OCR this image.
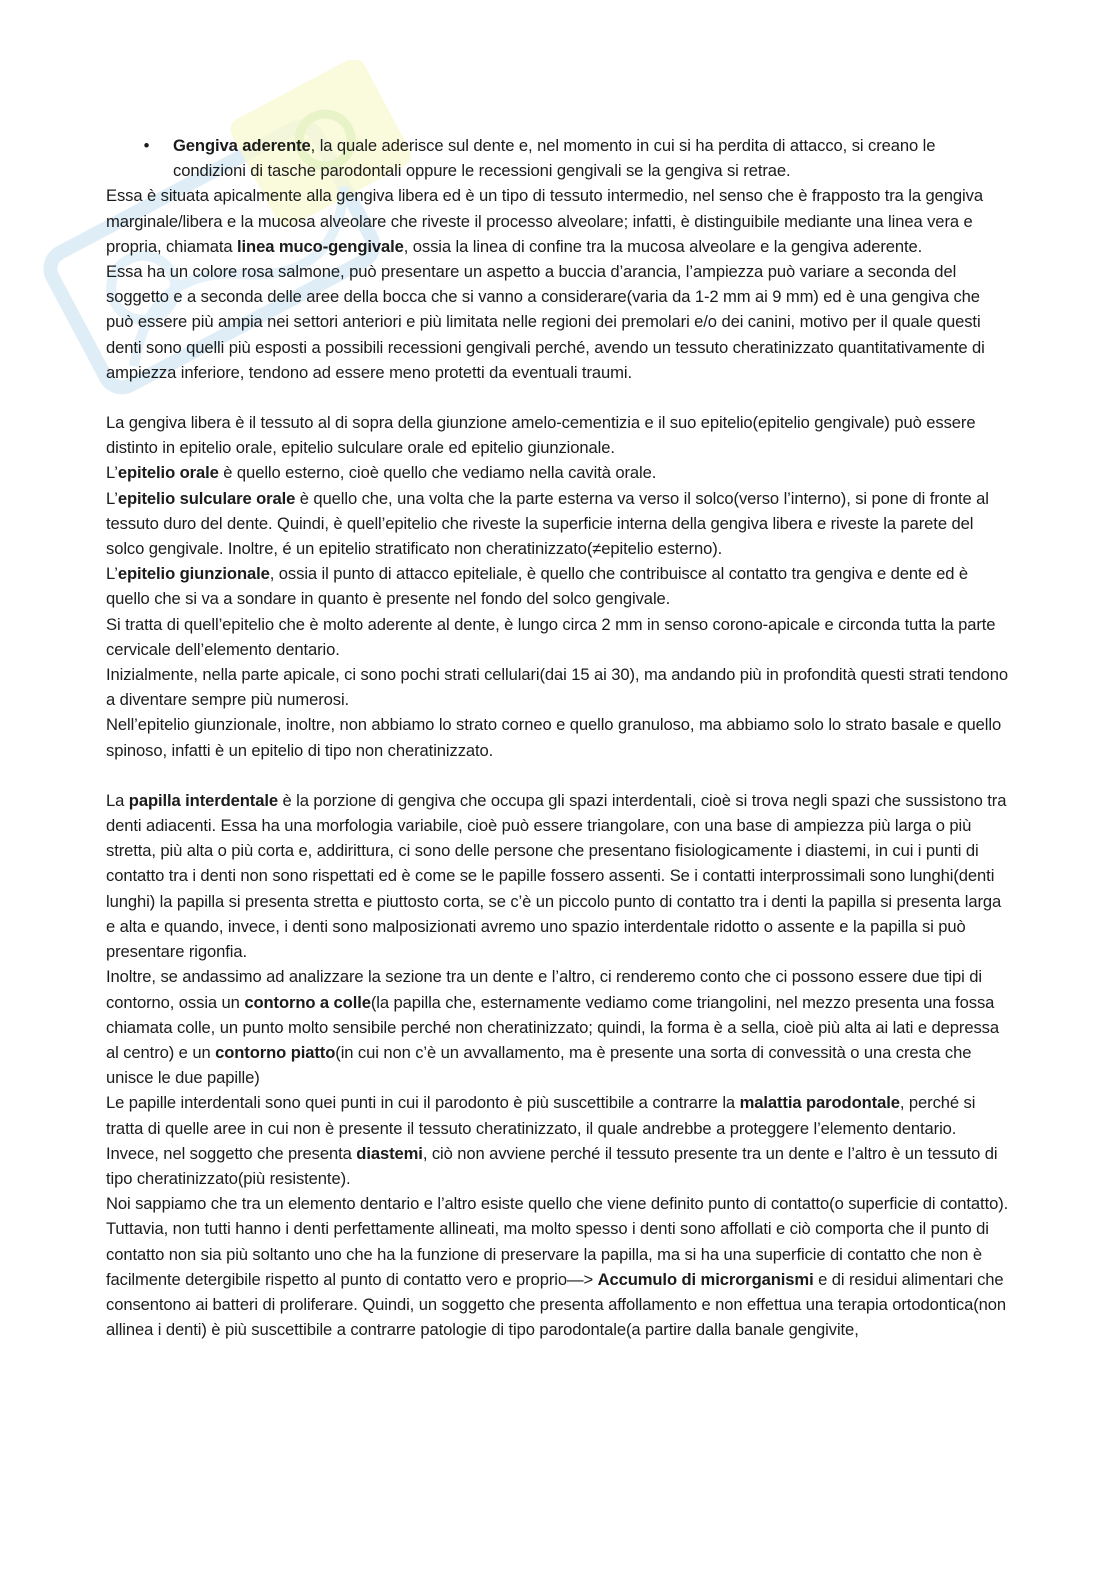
•	Gengiva aderente, la quale aderisce sul dente e, nel momento in cui si ha perdita di attacco, si creano le condizioni di tasche parodontali oppure le recessioni gengivali se la gengiva si retrae.

Essa è situata apicalmente alla gengiva libera ed è un tipo di tessuto intermedio, nel senso che è frapposto tra la gengiva marginale/libera e la mucosa alveolare che riveste il processo alveolare; infatti, è distinguibile mediante una linea vera e propria, chiamata linea muco-gengivale, ossia la linea di confine tra la mucosa alveolare e la gengiva aderente.

Essa ha un colore rosa salmone, può presentare un aspetto a buccia d’arancia, l’ampiezza può variare a seconda del soggetto e a seconda delle aree della bocca che si vanno a considerare(varia da 1-2 mm ai 9 mm) ed è una gengiva che può essere più ampia nei settori anteriori e più limitata nelle regioni dei premolari e/o dei canini, motivo per il quale questi denti sono quelli più esposti a possibili recessioni gengivali perché, avendo un tessuto cheratinizzato quantitativamente di ampiezza inferiore, tendono ad essere meno protetti da eventuali traumi.

La gengiva libera è il tessuto al di sopra della giunzione amelo-cementizia e il suo epitelio(epitelio gengivale) può essere distinto in epitelio orale, epitelio sulculare orale ed epitelio giunzionale.

L’epitelio orale è quello esterno, cioè quello che vediamo nella cavità orale.

L’epitelio sulculare orale è quello che, una volta che la parte esterna va verso il solco(verso l’interno), si pone di fronte al tessuto duro del dente. Quindi, è quell’epitelio che riveste la superficie interna della gengiva libera e riveste la parete del solco gengivale. Inoltre, é un epitelio stratificato non cheratinizzato(≠epitelio esterno).

L’epitelio giunzionale, ossia il punto di attacco epiteliale, è quello che contribuisce al contatto tra gengiva e dente ed è quello che si va a sondare in quanto è presente nel fondo del solco gengivale.

Si tratta di quell’epitelio che è molto aderente al dente, è lungo circa 2 mm in senso corono-apicale e circonda tutta la parte cervicale dell’elemento dentario.

Inizialmente, nella parte apicale, ci sono pochi strati cellulari(dai 15 ai 30), ma andando più in profondità questi strati tendono a diventare sempre più numerosi.

Nell’epitelio giunzionale, inoltre, non abbiamo lo strato corneo e quello granuloso, ma abbiamo solo lo strato basale e quello spinoso, infatti è un epitelio di tipo non cheratinizzato.

La papilla interdentale è la porzione di gengiva che occupa gli spazi interdentali, cioè si trova negli spazi che sussistono tra denti adiacenti. Essa ha una morfologia variabile, cioè può essere triangolare, con una base di ampiezza più larga o più stretta, più alta o più corta e, addirittura, ci sono delle persone che presentano fisiologicamente i diastemi, in cui i punti di contatto tra i denti non sono rispettati ed è come se le papille fossero assenti. Se i contatti interprossimali sono lunghi(denti lunghi) la papilla si presenta stretta e piuttosto corta, se c’è un piccolo punto di contatto tra i denti la papilla si presenta larga e alta e quando, invece, i denti sono malposizionati avremo uno spazio interdentale ridotto o assente e la papilla si può presentare rigonfia.

Inoltre, se andassimo ad analizzare la sezione tra un dente e l’altro, ci renderemo conto che ci possono essere due tipi di contorno, ossia un contorno a colle(la papilla che, esternamente vediamo come triangolini, nel mezzo presenta una fossa chiamata colle, un punto molto sensibile perché non cheratinizzato; quindi, la forma è a sella, cioè più alta ai lati e depressa al centro) e un contorno piatto(in cui non c’è un avvallamento, ma è presente una sorta di convessità o una cresta che unisce le due papille)

Le papille interdentali sono quei punti in cui il parodonto è più suscettibile a contrarre la malattia parodontale, perché si tratta di quelle aree in cui non è presente il tessuto cheratinizzato, il quale andrebbe a proteggere l’elemento dentario. Invece, nel soggetto che presenta diastemi, ciò non avviene perché il tessuto presente tra un dente e l’altro è un tessuto di tipo cheratinizzato(più resistente).

Noi sappiamo che tra un elemento dentario e l’altro esiste quello che viene definito punto di contatto(o superficie di contatto). Tuttavia, non tutti hanno i denti perfettamente allineati, ma molto spesso i denti sono affollati e ciò comporta che il punto di contatto non sia più soltanto uno che ha la funzione di preservare la papilla, ma si ha una superficie di contatto che non è facilmente detergibile rispetto al punto di contatto vero e proprio—> Accumulo di microrganismi e di residui alimentari che consentono ai batteri di proliferare. Quindi, un soggetto che presenta affollamento e non effettua una terapia ortodontica(non allinea i denti) è più suscettibile a contrarre patologie di tipo parodontale(a partire dalla banale gengivite,
